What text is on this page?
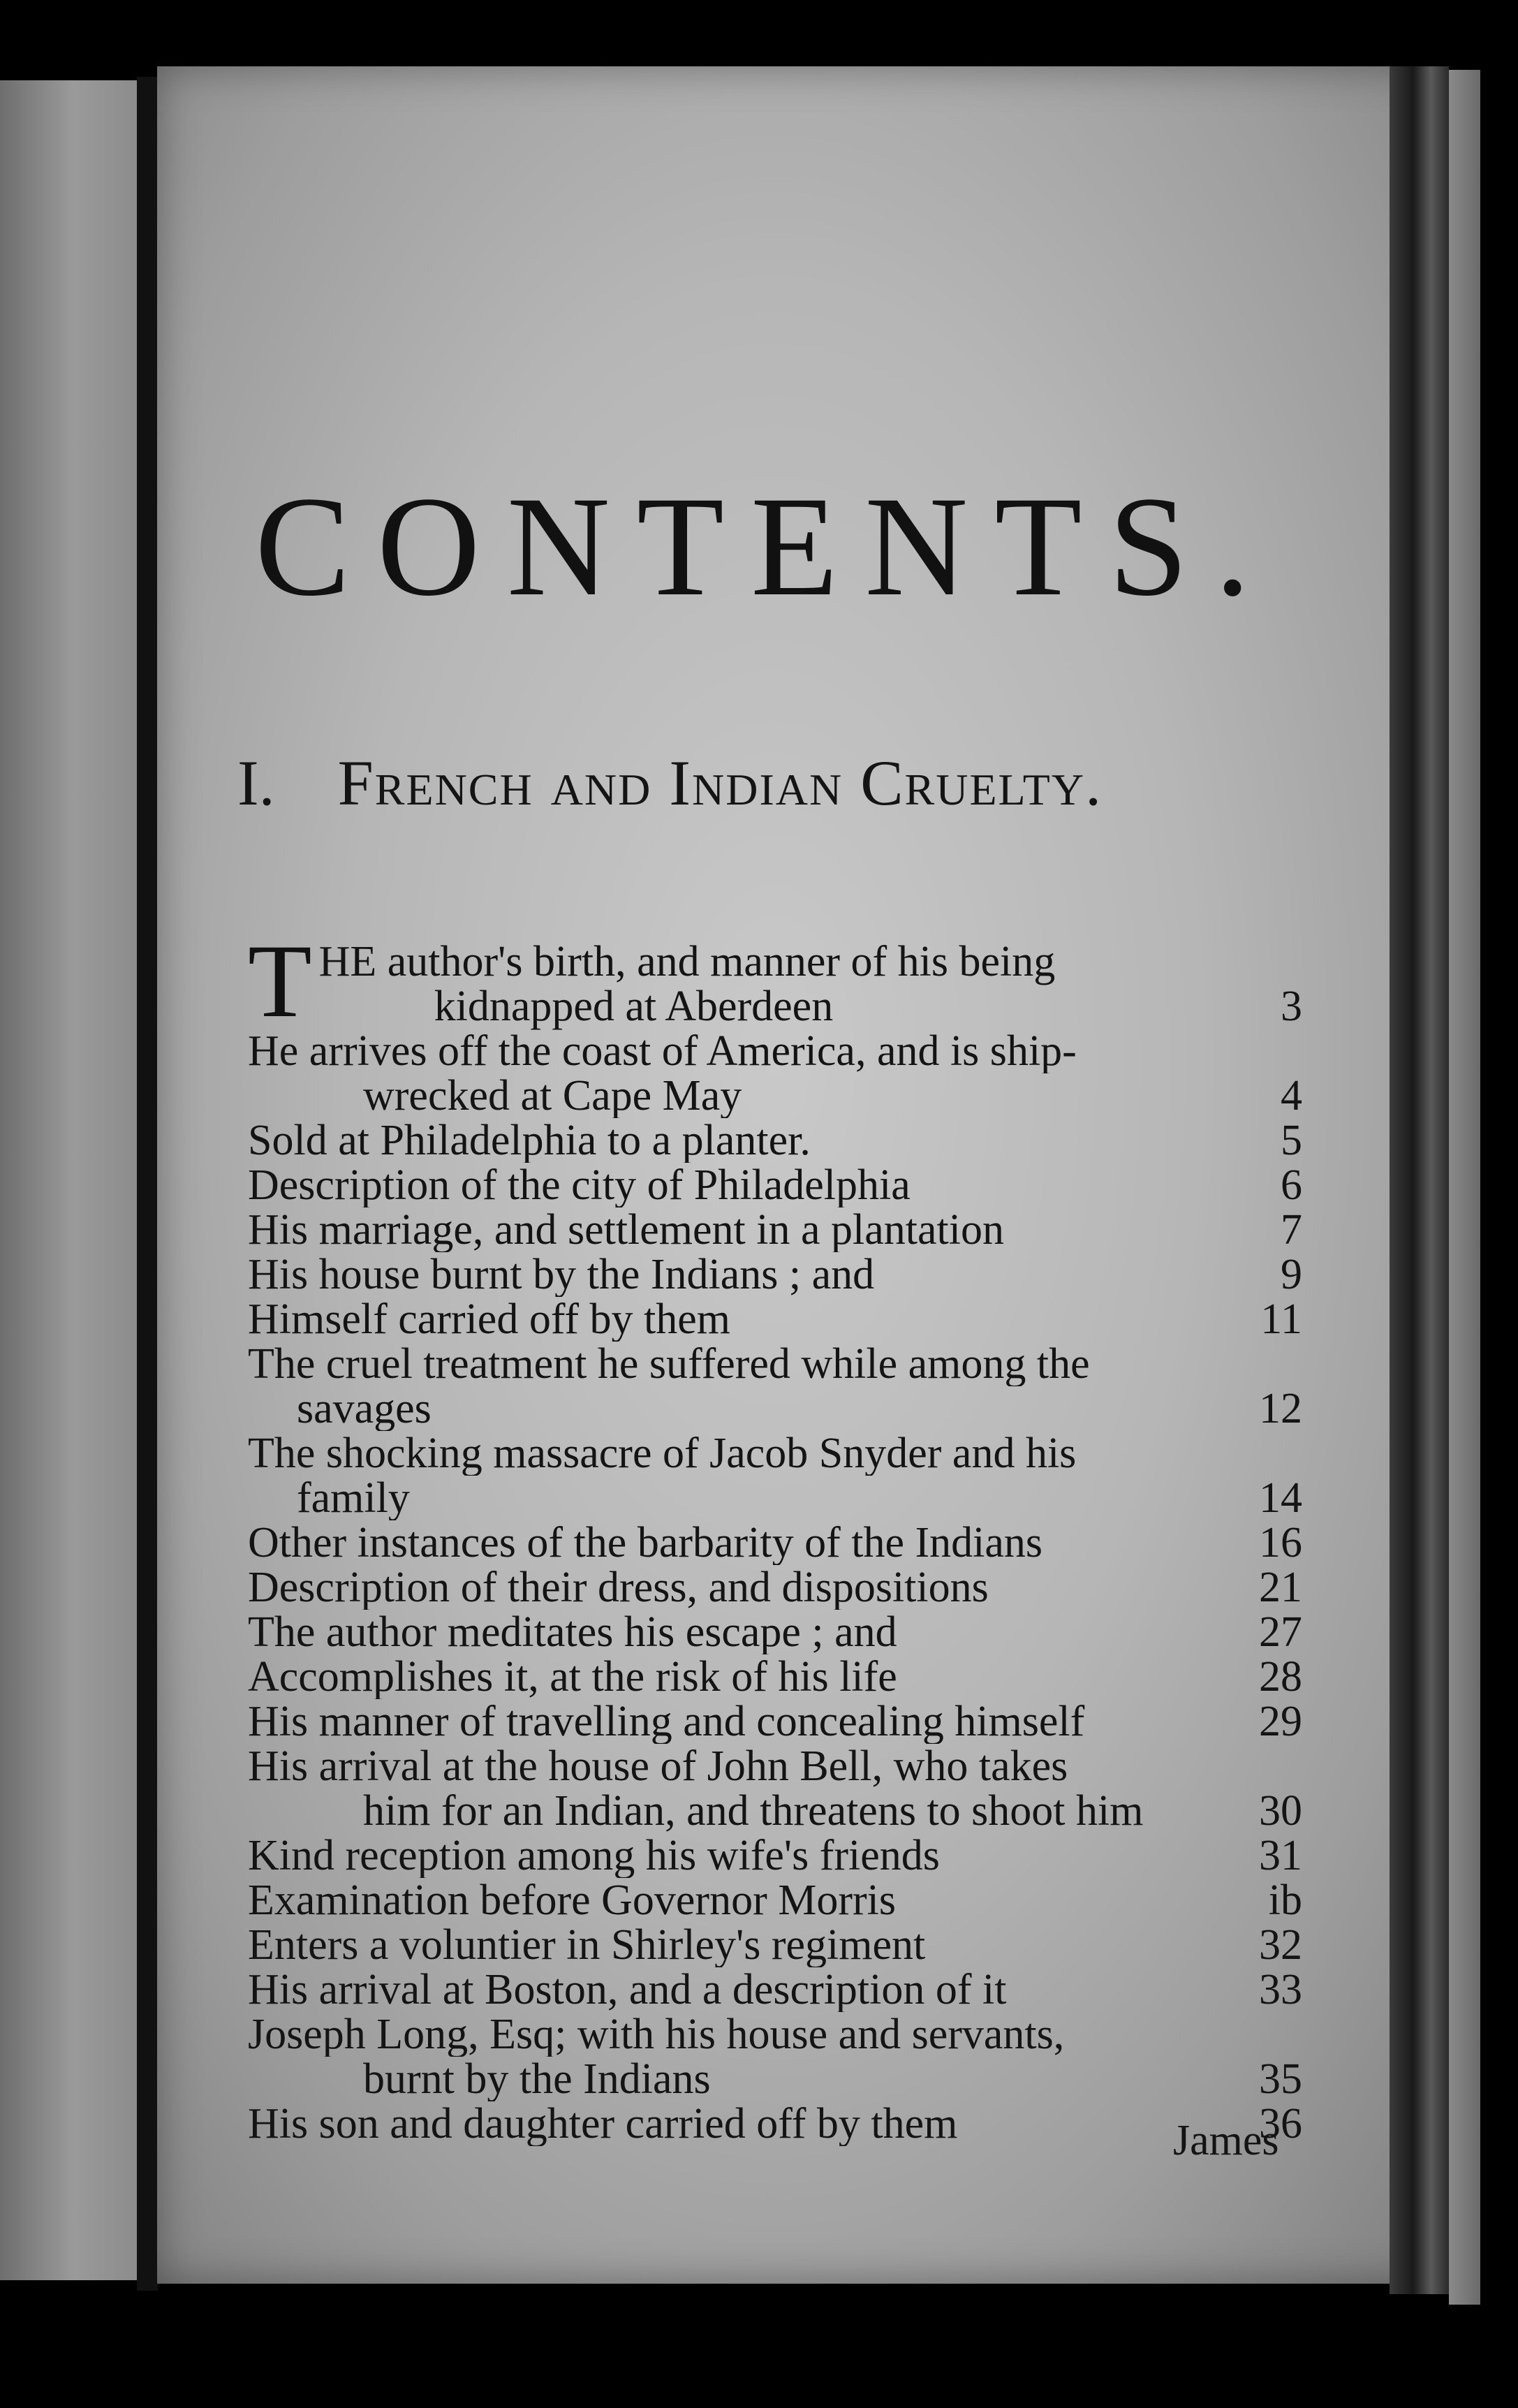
CONTENTS.
I. French and Indian Cruelty.
T HE author's birth, and manner of his being
kidnapped at Aberdeen	3
He arrives off the coast of America, and is ship-
wrecked at Cape May	4
Sold at Philadelphia to a planter.	5
Description of the city of Philadelphia	6
His marriage, and settlement in a plantation	7
His house burnt by the Indians ; and	9
Himself carried off by them	11
The cruel treatment he suffered while among the
savages	12
The shocking massacre of Jacob Snyder and his
family	14
Other instances of the barbarity of the Indians	16
Description of their dress, and dispositions	21
The author meditates his escape ; and	27
Accomplishes it, at the risk of his life	28
His manner of travelling and concealing himself	29
His arrival at the house of John Bell, who takes
him for an Indian, and threatens to shoot him	30
Kind reception among his wife's friends	31
Examination before Governor Morris	ib
Enters a voluntier in Shirley's regiment	32
His arrival at Boston, and a description of it	33
Joseph Long, Esq; with his house and servants,
burnt by the Indians	35
His son and daughter carried off by them	36
James
